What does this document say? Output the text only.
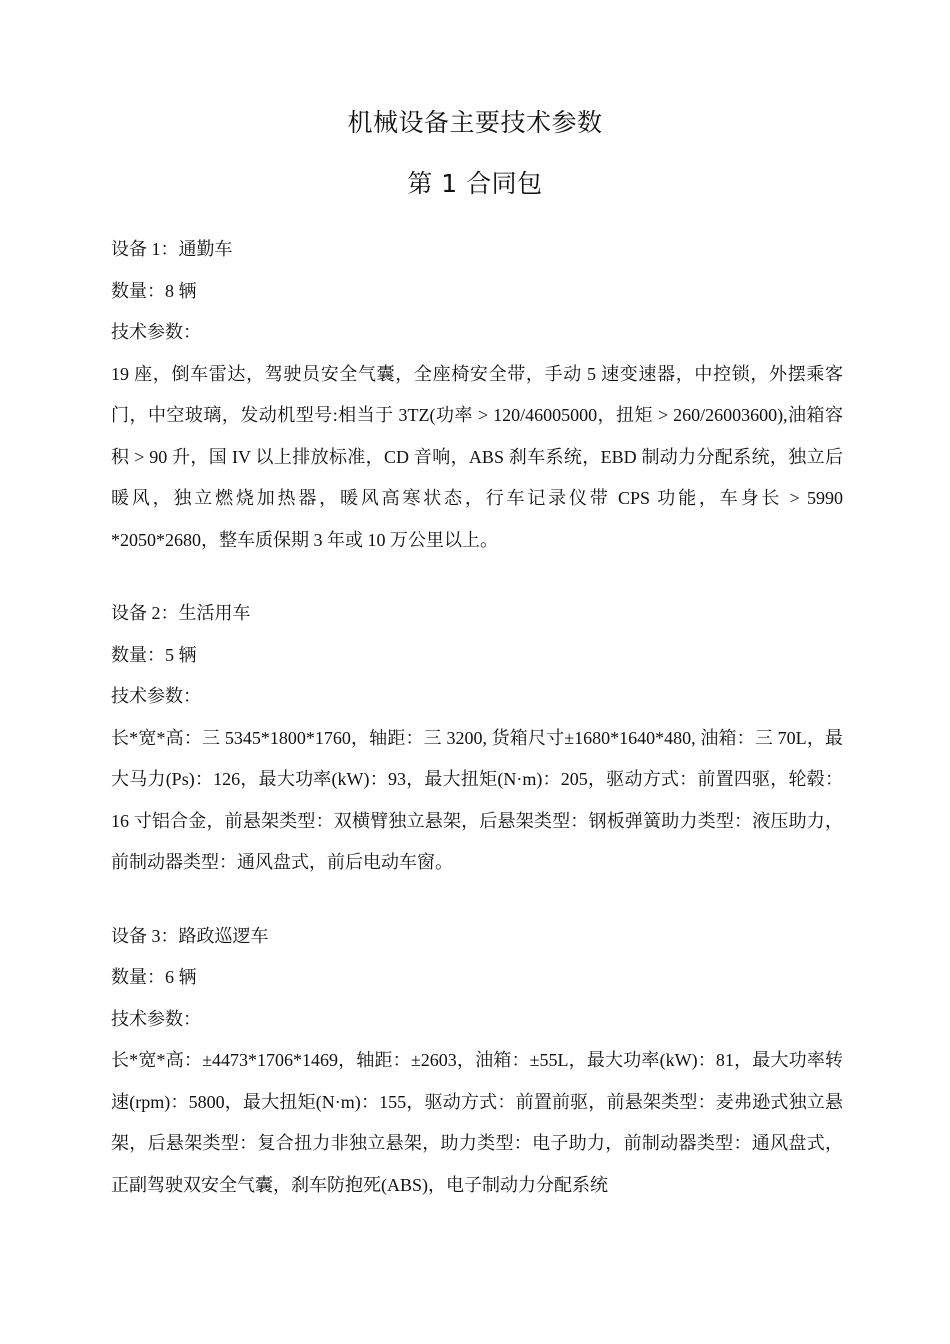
机械设备主要技术参数
第 1 合同包

设备 1：通勤车

数量：8 辆

技术参数：

19 座，倒车雷达，驾驶员安全气囊，全座椅安全带，手动 5 速变速器，中控锁，外摆乘客门，中空玻璃，发动机型号:相当于 3TZ(功率 > 120/46005000，扭矩 > 260/26003600),油箱容积 > 90 升，国 IV 以上排放标准，CD 音响，ABS 刹车系统，EBD 制动力分配系统，独立后暖风，独立燃烧加热器，暖风高寒状态，行车记录仪带 CPS 功能，车身长 > 5990 *2050*2680，整车质保期 3 年或 10 万公里以上。

设备 2：生活用车

数量：5 辆

技术参数：

长*宽*高：三 5345*1800*1760，轴距：三 3200, 货箱尺寸±1680*1640*480, 油箱：三 70L，最大马力(Ps)：126，最大功率(kW)：93，最大扭矩(N·m)：205，驱动方式：前置四驱，轮毂：16 寸铝合金，前悬架类型：双横臂独立悬架，后悬架类型：钢板弹簧助力类型：液压助力，前制动器类型：通风盘式，前后电动车窗。

设备 3：路政巡逻车

数量：6 辆

技术参数：

长*宽*高：±4473*1706*1469，轴距：±2603，油箱：±55L，最大功率(kW)：81，最大功率转速(rpm)：5800，最大扭矩(N·m)：155，驱动方式：前置前驱，前悬架类型：麦弗逊式独立悬架，后悬架类型：复合扭力非独立悬架，助力类型：电子助力，前制动器类型：通风盘式，正副驾驶双安全气囊，刹车防抱死(ABS)，电子制动力分配系统
